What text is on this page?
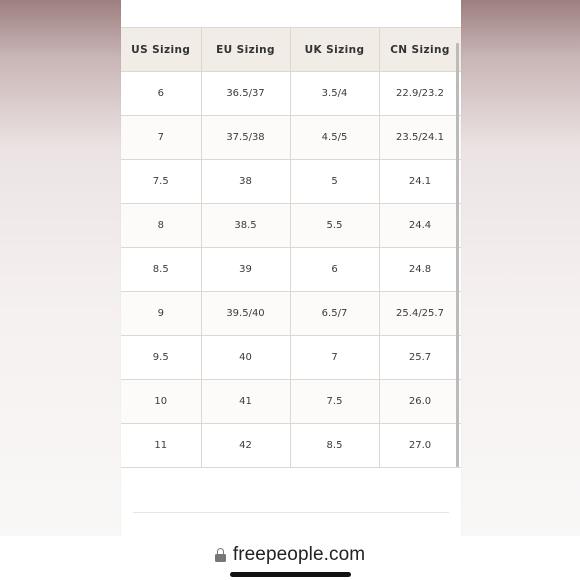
US Sizing	EU Sizing	UK Sizing	CN Sizing
6	36.5/37	3.5/4	22.9/23.2
7	37.5/38	4.5/5	23.5/24.1
7.5	38	5	24.1
8	38.5	5.5	24.4
8.5	39	6	24.8
9	39.5/40	6.5/7	25.4/25.7
9.5	40	7	25.7
10	41	7.5	26.0
11	42	8.5	27.0
freepeople.com
